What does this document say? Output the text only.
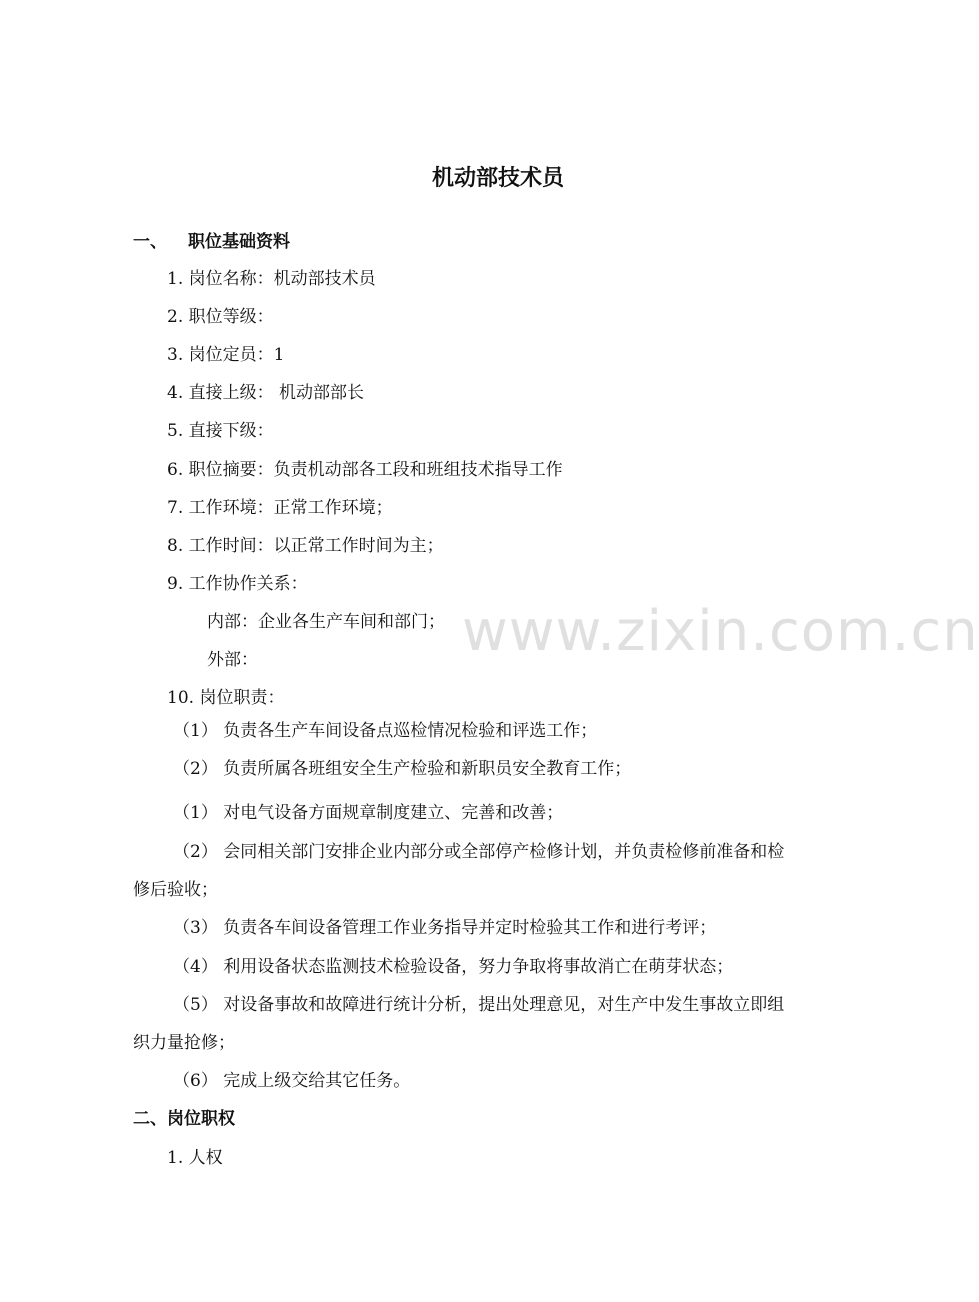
www.zixin.com.cn
机动部技术员
一、 职位基础资料
1. 岗位名称：机动部技术员
2. 职位等级：
3. 岗位定员：1
4. 直接上级： 机动部部长
5. 直接下级：
6. 职位摘要：负责机动部各工段和班组技术指导工作
7. 工作环境：正常工作环境；
8. 工作时间：以正常工作时间为主；
9. 工作协作关系：
内部：企业各生产车间和部门；
外部：
10. 岗位职责：
（1） 负责各生产车间设备点巡检情况检验和评选工作；
（2） 负责所属各班组安全生产检验和新职员安全教育工作；
（1） 对电气设备方面规章制度建立、完善和改善；
（2） 会同相关部门安排企业内部分或全部停产检修计划，并负责检修前准备和检
修后验收；
（3） 负责各车间设备管理工作业务指导并定时检验其工作和进行考评；
（4） 利用设备状态监测技术检验设备，努力争取将事故消亡在萌芽状态；
（5） 对设备事故和故障进行统计分析，提出处理意见，对生产中发生事故立即组
织力量抢修；
（6） 完成上级交给其它任务。
二、岗位职权
1. 人权
